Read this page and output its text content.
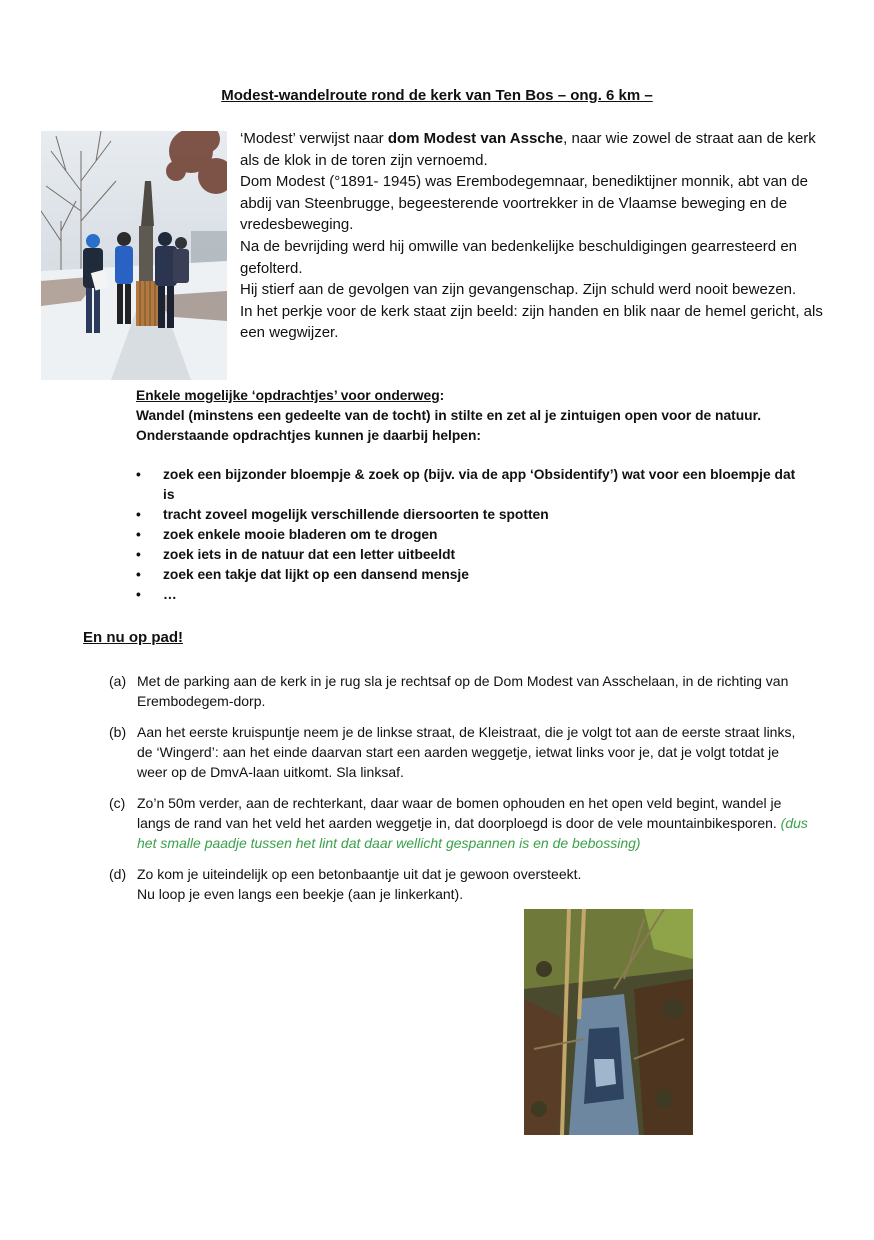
Modest-wandelroute rond de kerk van Ten Bos – ong. 6 km –

‘Modest’ verwijst naar dom Modest van Assche, naar wie zowel de straat aan de kerk als de klok in de toren zijn vernoemd.

Dom Modest (°1891- 1945) was Erembodegemnaar, benediktijner monnik, abt van de abdij van Steenbrugge, begeesterende voortrekker in de Vlaamse beweging en de vredesbeweging.

Na de bevrijding werd hij omwille van bedenkelijke beschuldigingen gearresteerd en gefolterd.

Hij stierf aan de gevolgen van zijn gevangenschap. Zijn schuld werd nooit bewezen.

In het perkje voor de kerk staat zijn beeld: zijn handen en blik naar de hemel gericht, als een wegwijzer.

Enkele mogelijke ‘opdrachtjes’ voor onderweg:

Wandel (minstens een gedeelte van de tocht) in stilte en zet al je zintuigen open voor de natuur.

Onderstaande opdrachtjes kunnen je daarbij helpen:

• zoek een bijzonder bloempje & zoek op (bijv. via de app ‘Obsidentify’) wat voor een bloempje dat is
• tracht zoveel mogelijk verschillende diersoorten te spotten
• zoek enkele mooie bladeren om te drogen
• zoek iets in de natuur dat een letter uitbeeldt
• zoek een takje dat lijkt op een dansend mensje
• …
En nu op pad!
(a) Met de parking aan de kerk in je rug sla je rechtsaf op de Dom Modest van Asschelaan, in de richting van Erembodegem-dorp.
(b) Aan het eerste kruispuntje neem je de linkse straat, de Kleistraat, die je volgt tot aan de eerste straat links, de ‘Wingerd’: aan het einde daarvan start een aarden weggetje, ietwat links voor je, dat je volgt totdat je weer op de DmvA-laan uitkomt. Sla linksaf.
(c) Zo’n 50m verder, aan de rechterkant, daar waar de bomen ophouden en het open veld begint, wandel je langs de rand van het veld het aarden weggetje in, dat doorploegd is door de vele mountainbikesporen. (dus het smalle paadje tussen het lint dat daar wellicht gespannen is en de bebossing)
(d) Zo kom je uiteindelijk op een betonbaantje uit dat je gewoon oversteekt.
Nu loop je even langs een beekje (aan je linkerkant).
